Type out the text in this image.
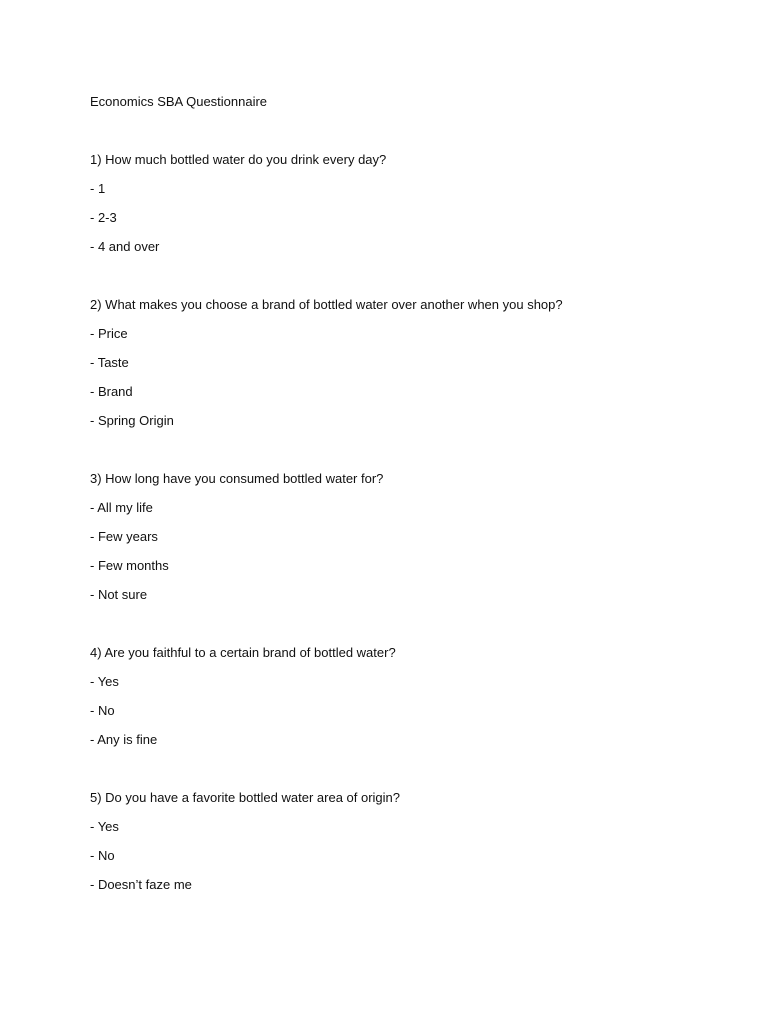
Economics SBA Questionnaire
1) How much bottled water do you drink every day?
- 1
- 2-3
- 4 and over
2) What makes you choose a brand of bottled water over another when you shop?
- Price
- Taste
- Brand
- Spring Origin
3) How long have you consumed bottled water for?
- All my life
- Few years
- Few months
- Not sure
4) Are you faithful to a certain brand of bottled water?
- Yes
- No
- Any is fine
5) Do you have a favorite bottled water area of origin?
- Yes
- No
- Doesn’t faze me
